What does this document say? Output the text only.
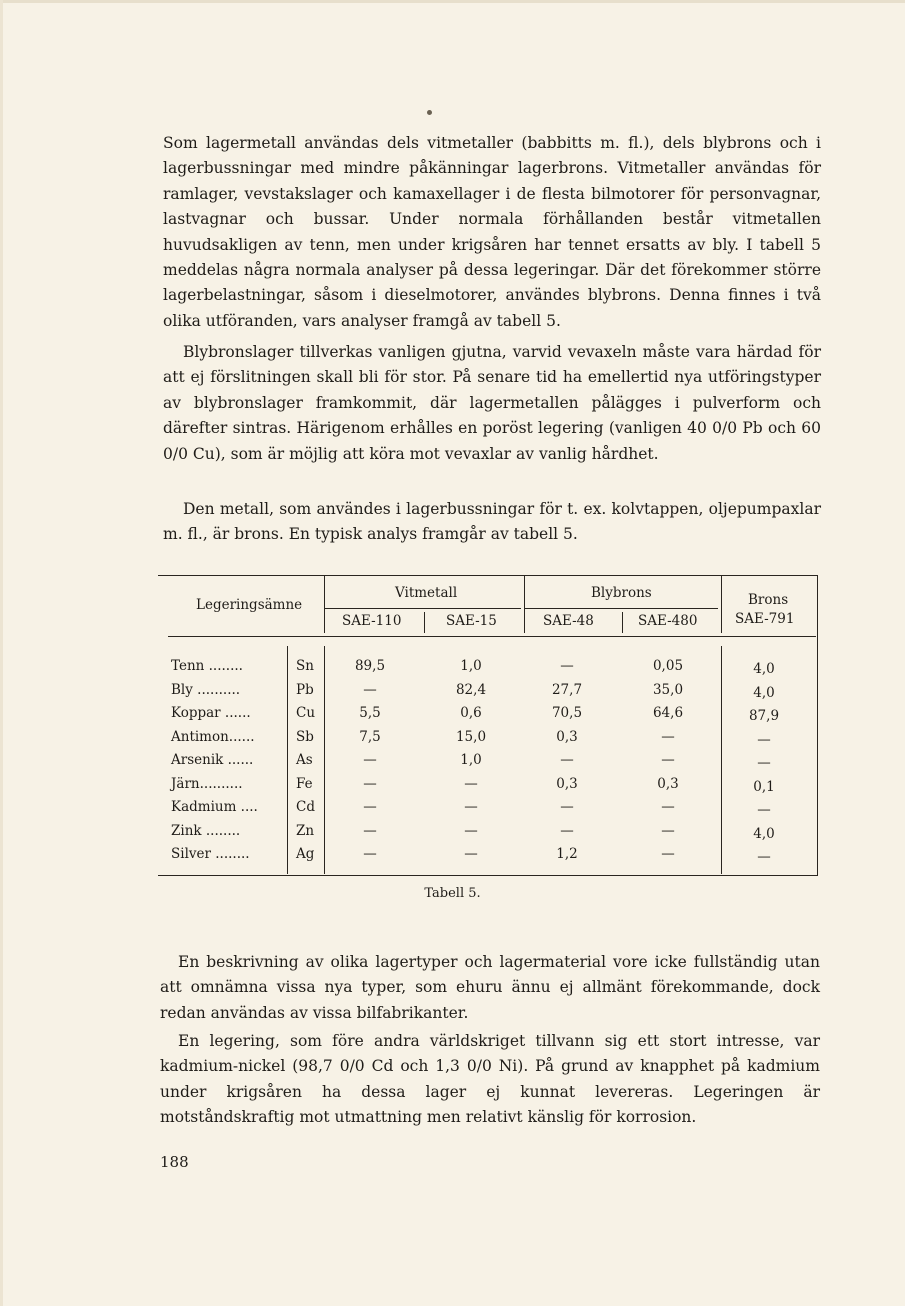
Som lagermetall användas dels vitmetaller (babbitts m. fl.), dels blybrons och i lagerbussningar med mindre påkänningar lagerbrons. Vitmetaller användas för ramlager, vevstakslager och kamaxellager i de flesta bilmotorer för personvagnar, lastvagnar och bussar. Under normala förhållanden består vitmetallen huvudsakligen av tenn, men under krigsåren har tennet ersatts av bly. I tabell 5 meddelas några normala analyser på dessa legeringar. Där det förekommer större lagerbelastningar, såsom i dieselmotorer, användes blybrons. Denna finnes i två olika utföranden, vars analyser framgå av tabell 5.

Blybronslager tillverkas vanligen gjutna, varvid vevaxeln måste vara härdad för att ej förslitningen skall bli för stor. På senare tid ha emellertid nya utföringstyper av blybronslager framkommit, där lagermetallen pålägges i pulverform och därefter sintras. Härigenom erhålles en poröst legering (vanligen 40 0/0 Pb och 60 0/0 Cu), som är möjlig att köra mot vevaxlar av vanlig hårdhet.

Den metall, som användes i lagerbussningar för t. ex. kolvtappen, oljepumpaxlar m. fl., är brons. En typisk analys framgår av tabell 5.

Legeringsämne
Vitmetall	Blybrons	Brons
SAE-110	SAE-15	SAE-48	SAE-480	SAE-791
Tenn ........	Sn	89,5	1,0	—	0,05	4,0
Bly ..........	Pb	—	82,4	27,7	35,0	4,0
Koppar ......	Cu	5,5	0,6	70,5	64,6	87,9
Antimon......	Sb	7,5	15,0	0,3	—	—
Arsenik ......	As	—	1,0	—	—	—
Järn..........	Fe	—	—	0,3	0,3	0,1
Kadmium ....	Cd	—	—	—	—	—
Zink ........	Zn	—	—	—	—	4,0
Silver ........	Ag	—	—	1,2	—	—
Tabell 5.

En beskrivning av olika lagertyper och lagermaterial vore icke fullständig utan att omnämna vissa nya typer, som ehuru ännu ej allmänt förekommande, dock redan användas av vissa bilfabrikanter.

En legering, som före andra världskriget tillvann sig ett stort intresse, var kadmium-nickel (98,7 0/0 Cd och 1,3 0/0 Ni). På grund av knapphet på kadmium under krigsåren ha dessa lager ej kunnat levereras. Legeringen är motståndskraftig mot utmattning men relativt känslig för korrosion.

188
